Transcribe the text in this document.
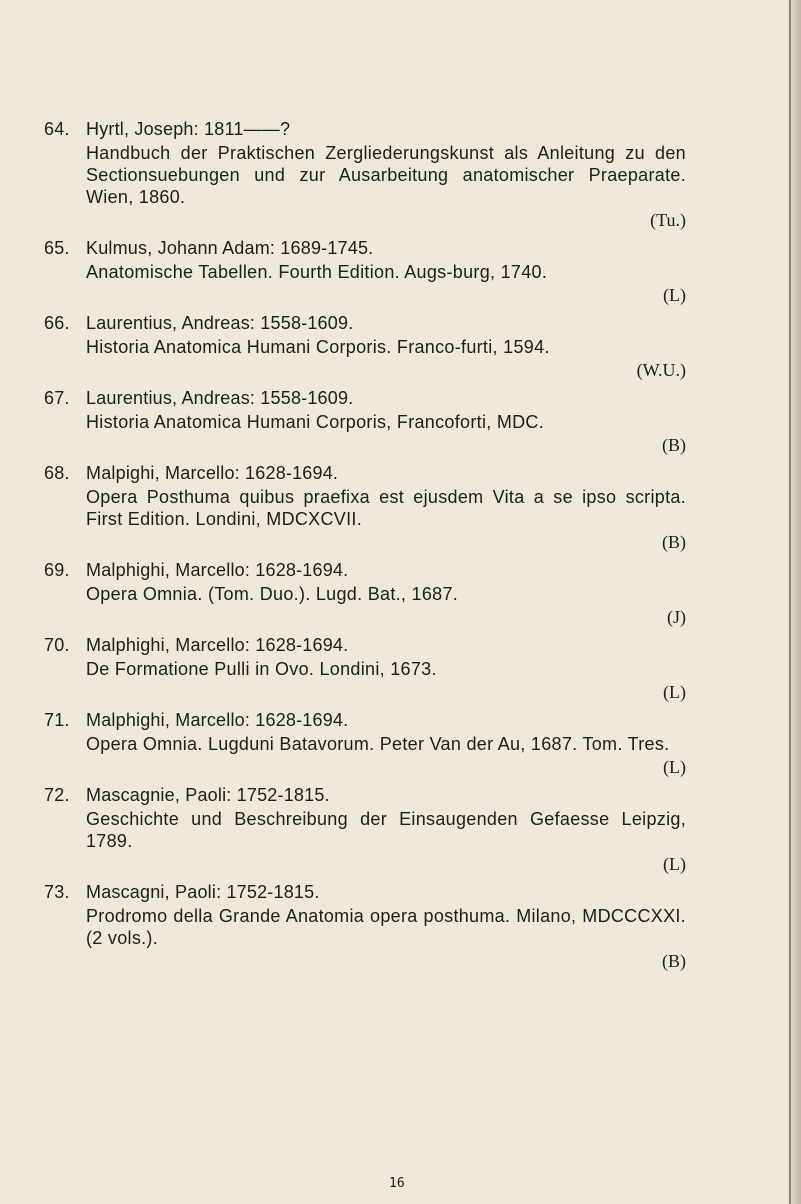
64. Hyrtl, Joseph: 1811——?
Handbuch der Praktischen Zergliederungskunst als Anleitung zu den Sectionsuebungen und zur Ausarbeitung anatomischer Praeparate. Wien, 1860.
(Tu.)
65. Kulmus, Johann Adam: 1689-1745.
Anatomische Tabellen. Fourth Edition. Augs-burg, 1740.
(L)
66. Laurentius, Andreas: 1558-1609.
Historia Anatomica Humani Corporis. Franco-furti, 1594.
(W.U.)
67. Laurentius, Andreas: 1558-1609.
Historia Anatomica Humani Corporis, Francoforti, MDC.
(B)
68. Malpighi, Marcello: 1628-1694.
Opera Posthuma quibus praefixa est ejusdem Vita a se ipso scripta. First Edition. Londini, MDCXCVII.
(B)
69. Malphighi, Marcello: 1628-1694.
Opera Omnia. (Tom. Duo.). Lugd. Bat., 1687.
(J)
70. Malphighi, Marcello: 1628-1694.
De Formatione Pulli in Ovo. Londini, 1673.
(L)
71. Malphighi, Marcello: 1628-1694.
Opera Omnia. Lugduni Batavorum. Peter Van der Au, 1687. Tom. Tres.
(L)
72. Mascagnie, Paoli: 1752-1815.
Geschichte und Beschreibung der Einsaugenden Gefaesse Leipzig, 1789.
(L)
73. Mascagni, Paoli: 1752-1815.
Prodromo della Grande Anatomia opera posthuma. Milano, MDCCCXXI. (2 vols.).
(B)
16
